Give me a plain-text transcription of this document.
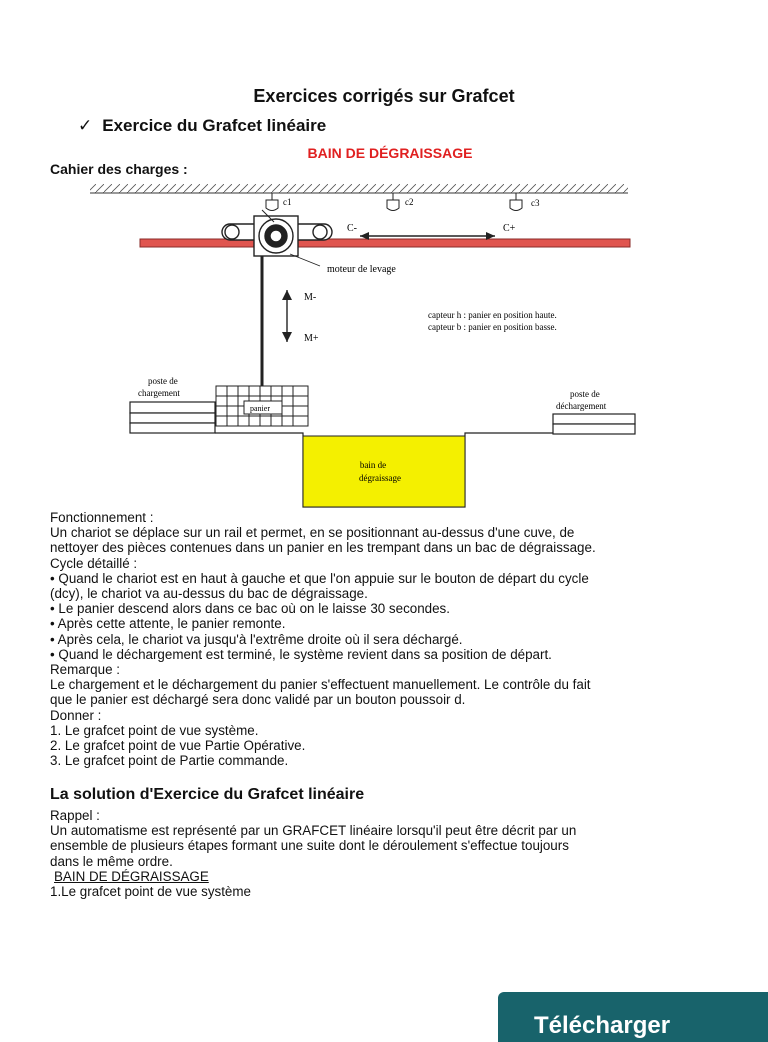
Exercices corrigés sur Grafcet
✓ Exercice du Grafcet linéaire
BAIN DE DÉGRAISSAGE
Cahier des charges :
c1	c2	c3
C-	C+
moteur de levage
M-
M+
capteur h : panier en position haute.
capteur b : panier en position basse.
poste de
chargement
panier
bain de
dégraissage
poste de
déchargement

Fonctionnement :

Un chariot se déplace sur un rail et permet, en se positionnant au-dessus d'une cuve, de

nettoyer des pièces contenues dans un panier en les trempant dans un bac de dégraissage.

Cycle détaillé :

• Quand le chariot est en haut à gauche et que l'on appuie sur le bouton de départ du cycle

(dcy), le chariot va au-dessus du bac de dégraissage.

• Le panier descend alors dans ce bac où on le laisse 30 secondes.

• Après cette attente, le panier remonte.

• Après cela, le chariot va jusqu'à l'extrême droite où il sera déchargé.

• Quand le déchargement est terminé, le système revient dans sa position de départ.

Remarque :

Le chargement et le déchargement du panier s'effectuent manuellement. Le contrôle du fait

que le panier est déchargé sera donc validé par un bouton poussoir d.

Donner :

1. Le grafcet point de vue système.

2. Le grafcet point de vue Partie Opérative.

3. Le grafcet point de Partie commande.

La solution d'Exercice du Grafcet linéaire

Rappel :

Un automatisme est représenté par un GRAFCET linéaire lorsqu'il peut être décrit par un

ensemble de plusieurs étapes formant une suite dont le déroulement s'effectue toujours

dans le même ordre.

BAIN DE DÉGRAISSAGE

1.Le grafcet point de vue système

Télécharger
